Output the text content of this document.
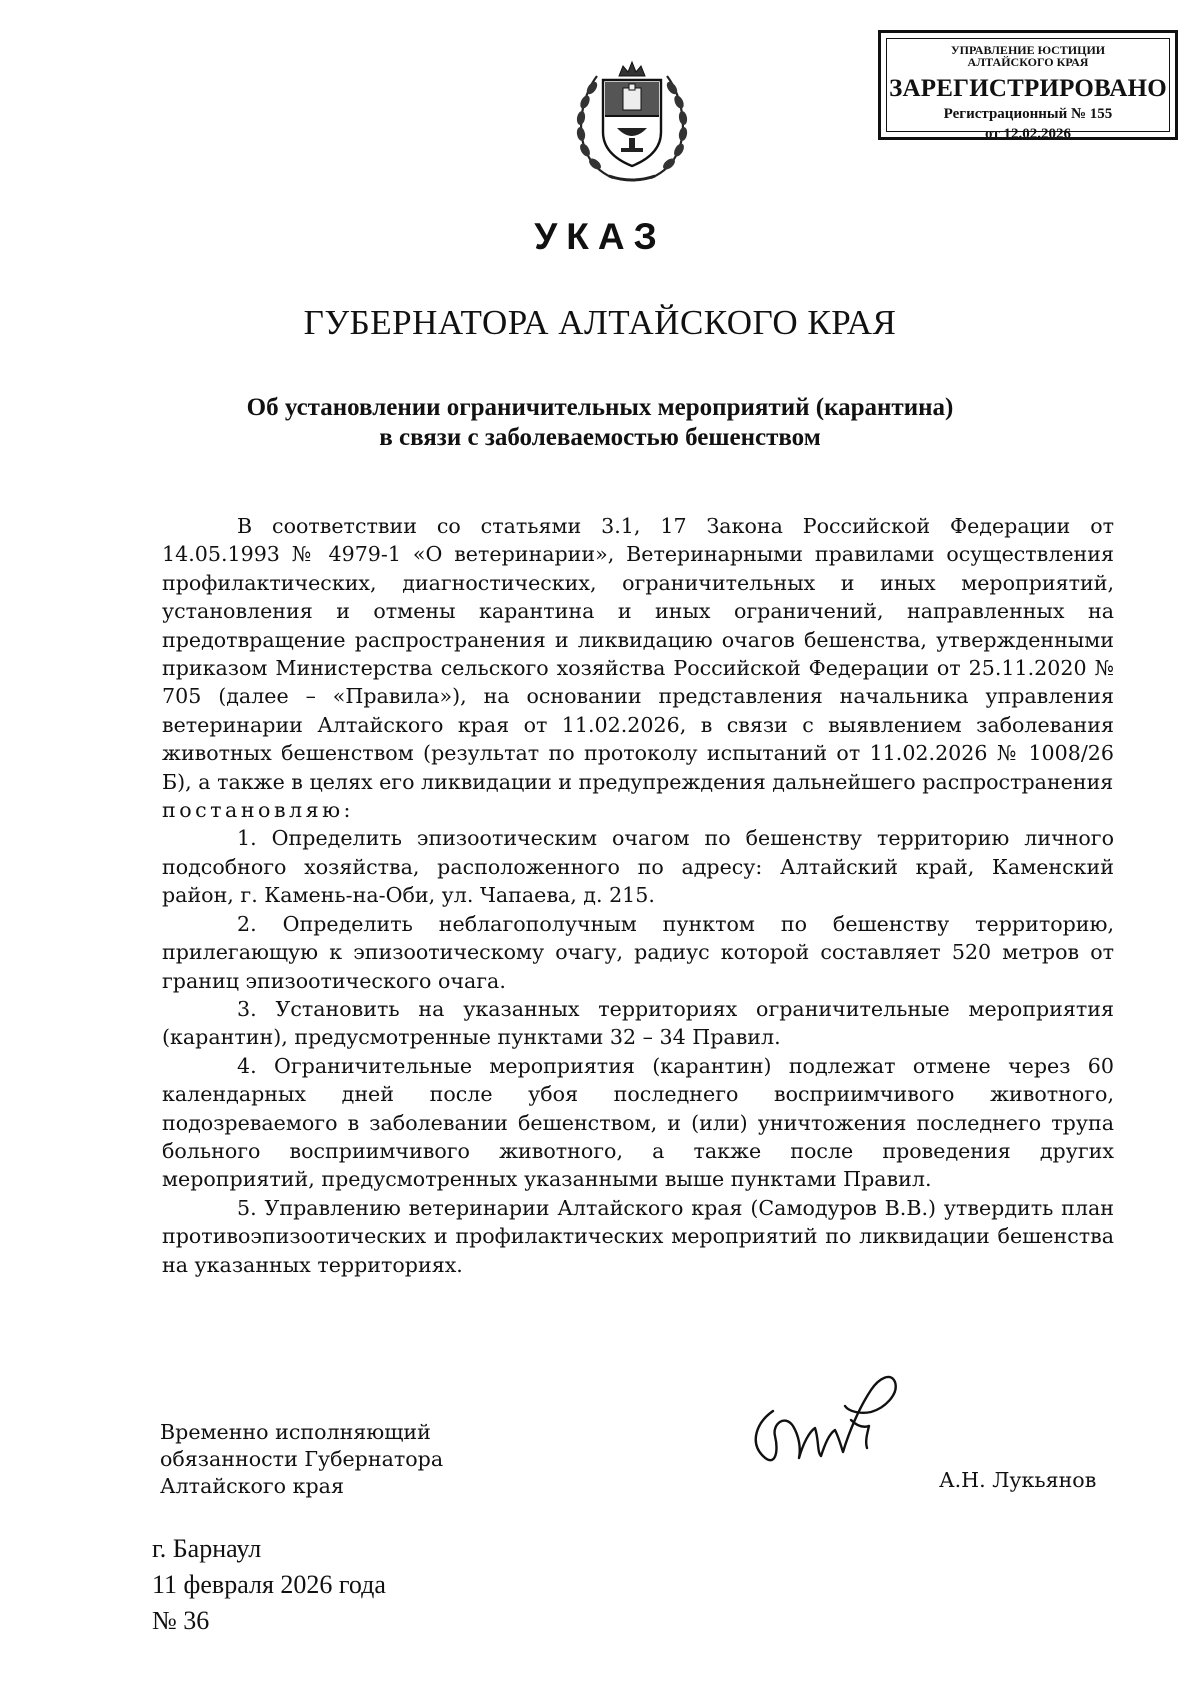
УПРАВЛЕНИЕ ЮСТИЦИИ
АЛТАЙСКОГО КРАЯ
ЗАРЕГИСТРИРОВАНО
Регистрационный № 155
от 12.02.2026
УКАЗ
ГУБЕРНАТОРА АЛТАЙСКОГО КРАЯ
Об установлении ограничительных мероприятий (карантина)
в связи с заболеваемостью бешенством

В соответствии со статьями 3.1, 17 Закона Российской Федерации от 14.05.1993 № 4979-1 «О ветеринарии», Ветеринарными правилами осуществления профилактических, диагностических, ограничительных и иных мероприятий, установления и отмены карантина и иных ограничений, направленных на предотвращение распространения и ликвидацию очагов бешенства, утвержденными приказом Министерства сельского хозяйства Российской Федерации от 25.11.2020 № 705 (далее – «Правила»), на основании представления начальника управления ветеринарии Алтайского края от 11.02.2026, в связи с выявлением заболевания животных бешенством (результат по протоколу испытаний от 11.02.2026 № 1008/26 Б), а также в целях его ликвидации и предупреждения дальнейшего распространения

постановляю:

1. Определить эпизоотическим очагом по бешенству территорию личного подсобного хозяйства, расположенного по адресу: Алтайский край, Каменский район, г. Камень-на-Оби, ул. Чапаева, д. 215.

2. Определить неблагополучным пунктом по бешенству территорию, прилегающую к эпизоотическому очагу, радиус которой составляет 520 метров от границ эпизоотического очага.

3. Установить на указанных территориях ограничительные мероприятия (карантин), предусмотренные пунктами 32 – 34 Правил.

4. Ограничительные мероприятия (карантин) подлежат отмене через 60 календарных дней после убоя последнего восприимчивого животного, подозреваемого в заболевании бешенством, и (или) уничтожения последнего трупа больного восприимчивого животного, а также после проведения других мероприятий, предусмотренных указанными выше пунктами Правил.

5. Управлению ветеринарии Алтайского края (Самодуров В.В.) утвердить план противоэпизоотических и профилактических мероприятий по ликвидации бешенства на указанных территориях.

Временно исполняющий
обязанности Губернатора
Алтайского края	А.Н. Лукьянов
г. Барнаул
11 февраля 2026 года
№ 36
